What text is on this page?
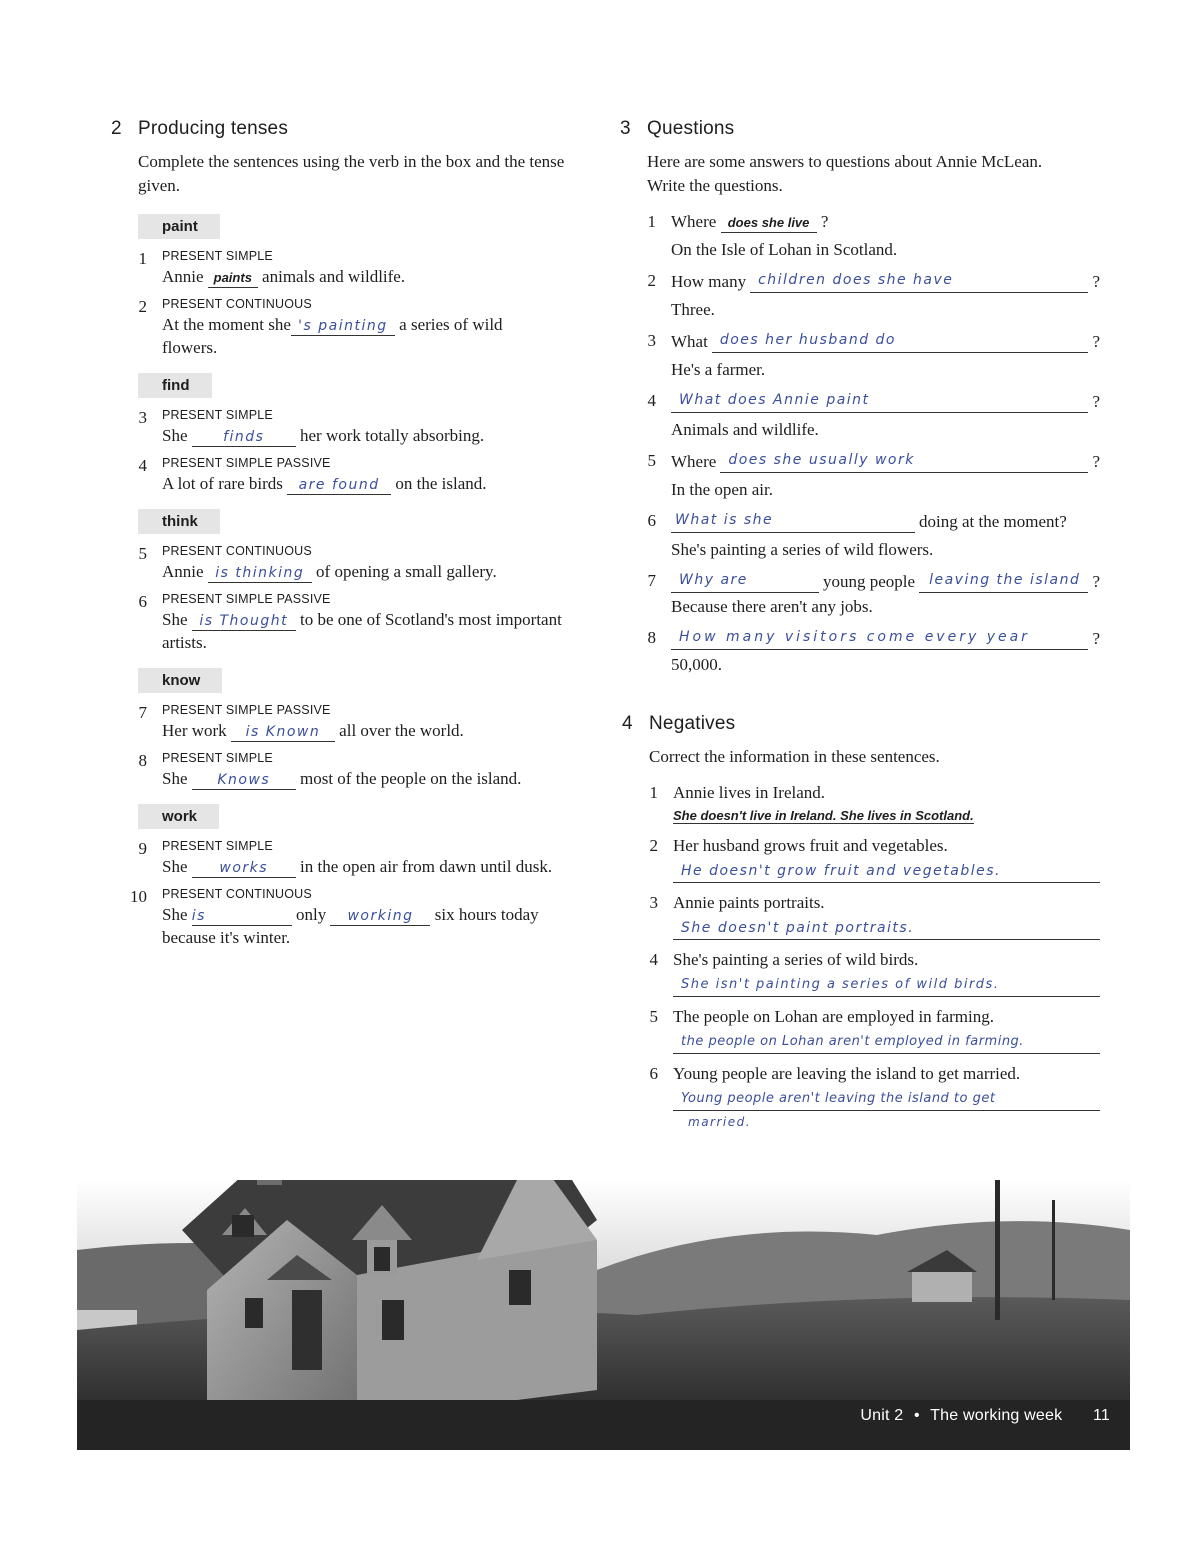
2 Producing tenses
Complete the sentences using the verb in the box and the tense given.
paint
1 PRESENT SIMPLE
Annie paints animals and wildlife.
2 PRESENT CONTINUOUS
At the moment she 's painting a series of wild flowers.
find
3 PRESENT SIMPLE
She	finds her work totally absorbing.
4 PRESENT SIMPLE PASSIVE
A lot of rare birds are found on the island.
think
5 PRESENT CONTINUOUS
Annie is thinking of opening a small gallery.
6 PRESENT SIMPLE PASSIVE
She is Thought to be one of Scotland's most important artists.
know
7 PRESENT SIMPLE PASSIVE
Her work is Known all over the world.
8 PRESENT SIMPLE
She Knows most of the people on the island.
work
9 PRESENT SIMPLE
She works in the open air from dawn until dusk.
10 PRESENT CONTINUOUS
She is	only working six hours today
because it's winter.
3 Questions
Here are some answers to questions about Annie McLean. Write the questions.
1 Where does she live ?
On the Isle of Lohan in Scotland.
2 How many children does she have	?
Three.
3 What does her husband do	?
He's a farmer.
4	What does Annie paint	?
Animals and wildlife.
5 Where does she usually work	?
In the open air.
6 What is she	doing at the moment?
She's painting a series of wild flowers.
7	Why are	young people	leaving the island ?
Because there aren't any jobs.
8	How many visitors come every year	?
50,000.
4 Negatives
Correct the information in these sentences.
1 Annie lives in Ireland.
She doesn't live in Ireland. She lives in Scotland.
2 Her husband grows fruit and vegetables.
He doesn't grow fruit and vegetables.
3 Annie paints portraits.
She doesn't paint portraits.
4 She's painting a series of wild birds.
She isn't painting a series of wild birds.
5 The people on Lohan are employed in farming.
the people on Lohan aren't employed in farming.
6 Young people are leaving the island to get married.
Young people aren't leaving the island to get
married.
Unit 2 • The working week 11
